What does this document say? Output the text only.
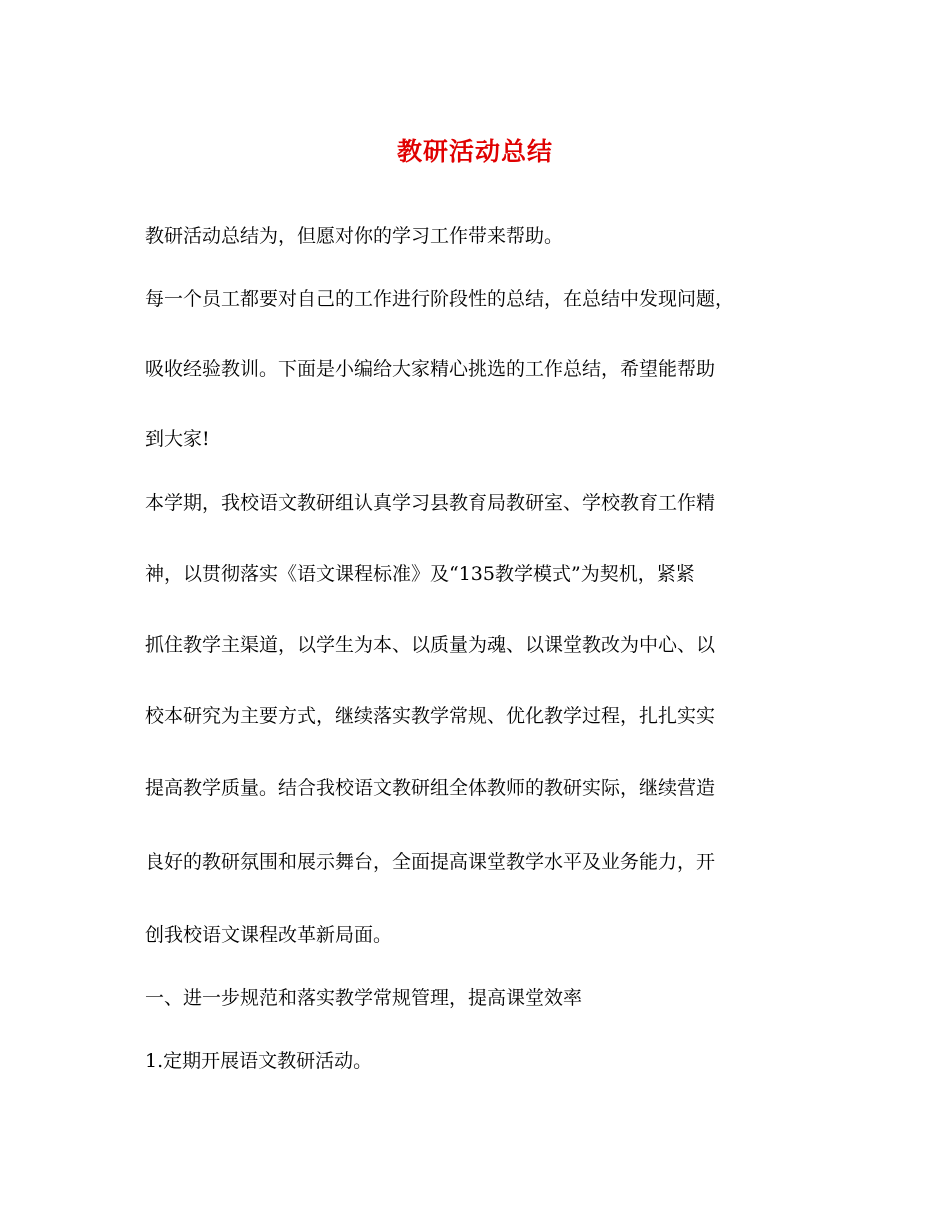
教研活动总结
教研活动总结为，但愿对你的学习工作带来帮助。
每一个员工都要对自己的工作进行阶段性的总结，在总结中发现问题，
吸收经验教训。下面是小编给大家精心挑选的工作总结，希望能帮助
到大家!
本学期，我校语文教研组认真学习县教育局教研室、学校教育工作精
神，以贯彻落实《语文课程标准》及“135教学模式”为契机，紧紧
抓住教学主渠道，以学生为本、以质量为魂、以课堂教改为中心、以
校本研究为主要方式，继续落实教学常规、优化教学过程，扎扎实实
提高教学质量。结合我校语文教研组全体教师的教研实际，继续营造
良好的教研氛围和展示舞台，全面提高课堂教学水平及业务能力，开
创我校语文课程改革新局面。
一、进一步规范和落实教学常规管理，提高课堂效率
1.定期开展语文教研活动。
